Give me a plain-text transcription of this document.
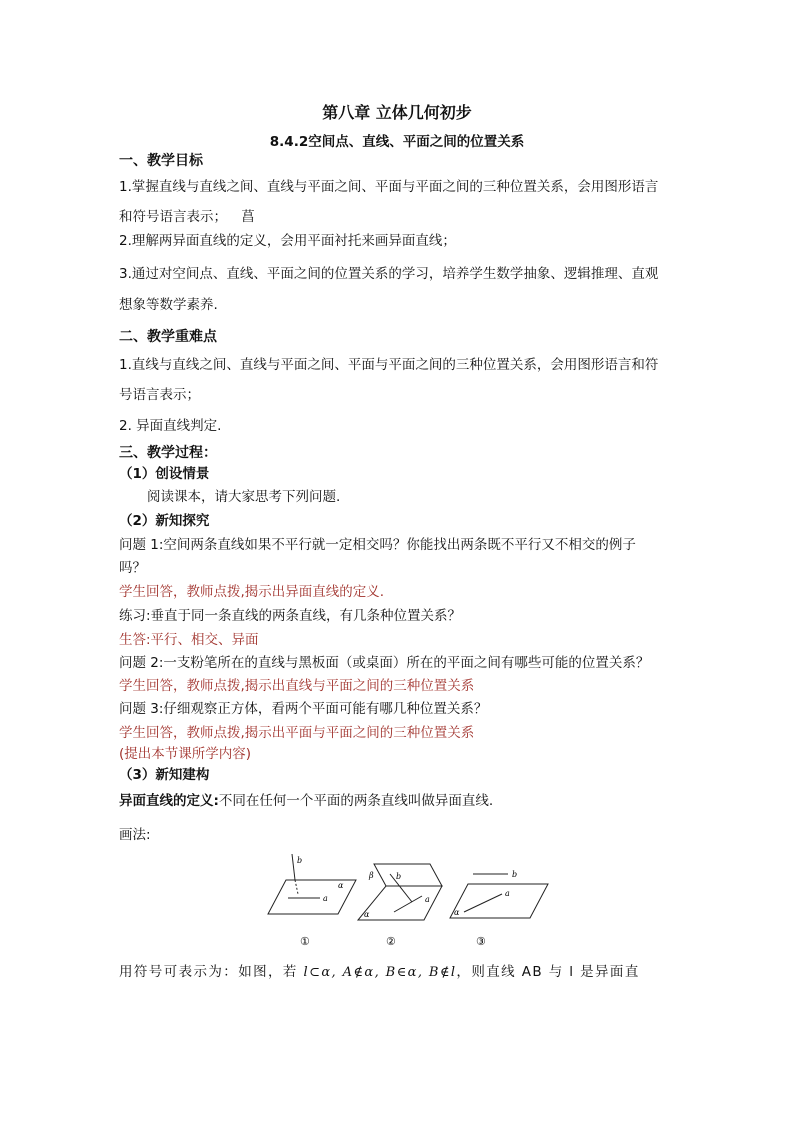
第八章 立体几何初步
8.4.2空间点、直线、平面之间的位置关系
一、教学目标
1.掌握直线与直线之间、直线与平面之间、平面与平面之间的三种位置关系，会用图形语言
和符号语言表示； 菖
2.理解两异面直线的定义，会用平面衬托来画异面直线；
3.通过对空间点、直线、平面之间的位置关系的学习，培养学生数学抽象、逻辑推理、直观
想象等数学素养.
二、教学重难点
1.直线与直线之间、直线与平面之间、平面与平面之间的三种位置关系，会用图形语言和符
号语言表示；
2. 异面直线判定.
三、教学过程：
（1）创设情景
阅读课本，请大家思考下列问题.
（2）新知探究
问题 1:空间两条直线如果不平行就一定相交吗？你能找出两条既不平行又不相交的例子
吗？
学生回答，教师点拨,揭示出异面直线的定义.
练习:垂直于同一条直线的两条直线，有几条种位置关系？
生答:平行、相交、异面
问题 2:一支粉笔所在的直线与黑板面（或桌面）所在的平面之间有哪些可能的位置关系？
学生回答，教师点拨,揭示出直线与平面之间的三种位置关系
问题 3:仔细观察正方体，看两个平面可能有哪几种位置关系？
学生回答，教师点拨,揭示出平面与平面之间的三种位置关系
(提出本节课所学内容)
（3）新知建构
异面直线的定义:不同在任何一个平面的两条直线叫做异面直线.
画法:
b
a
α
①
β	b
a
α
②
b
a
α
③
用符号可表示为：如图，若 l⊂α, A∉α, B∈α, B∉l，则直线 AB 与 l 是异面直
